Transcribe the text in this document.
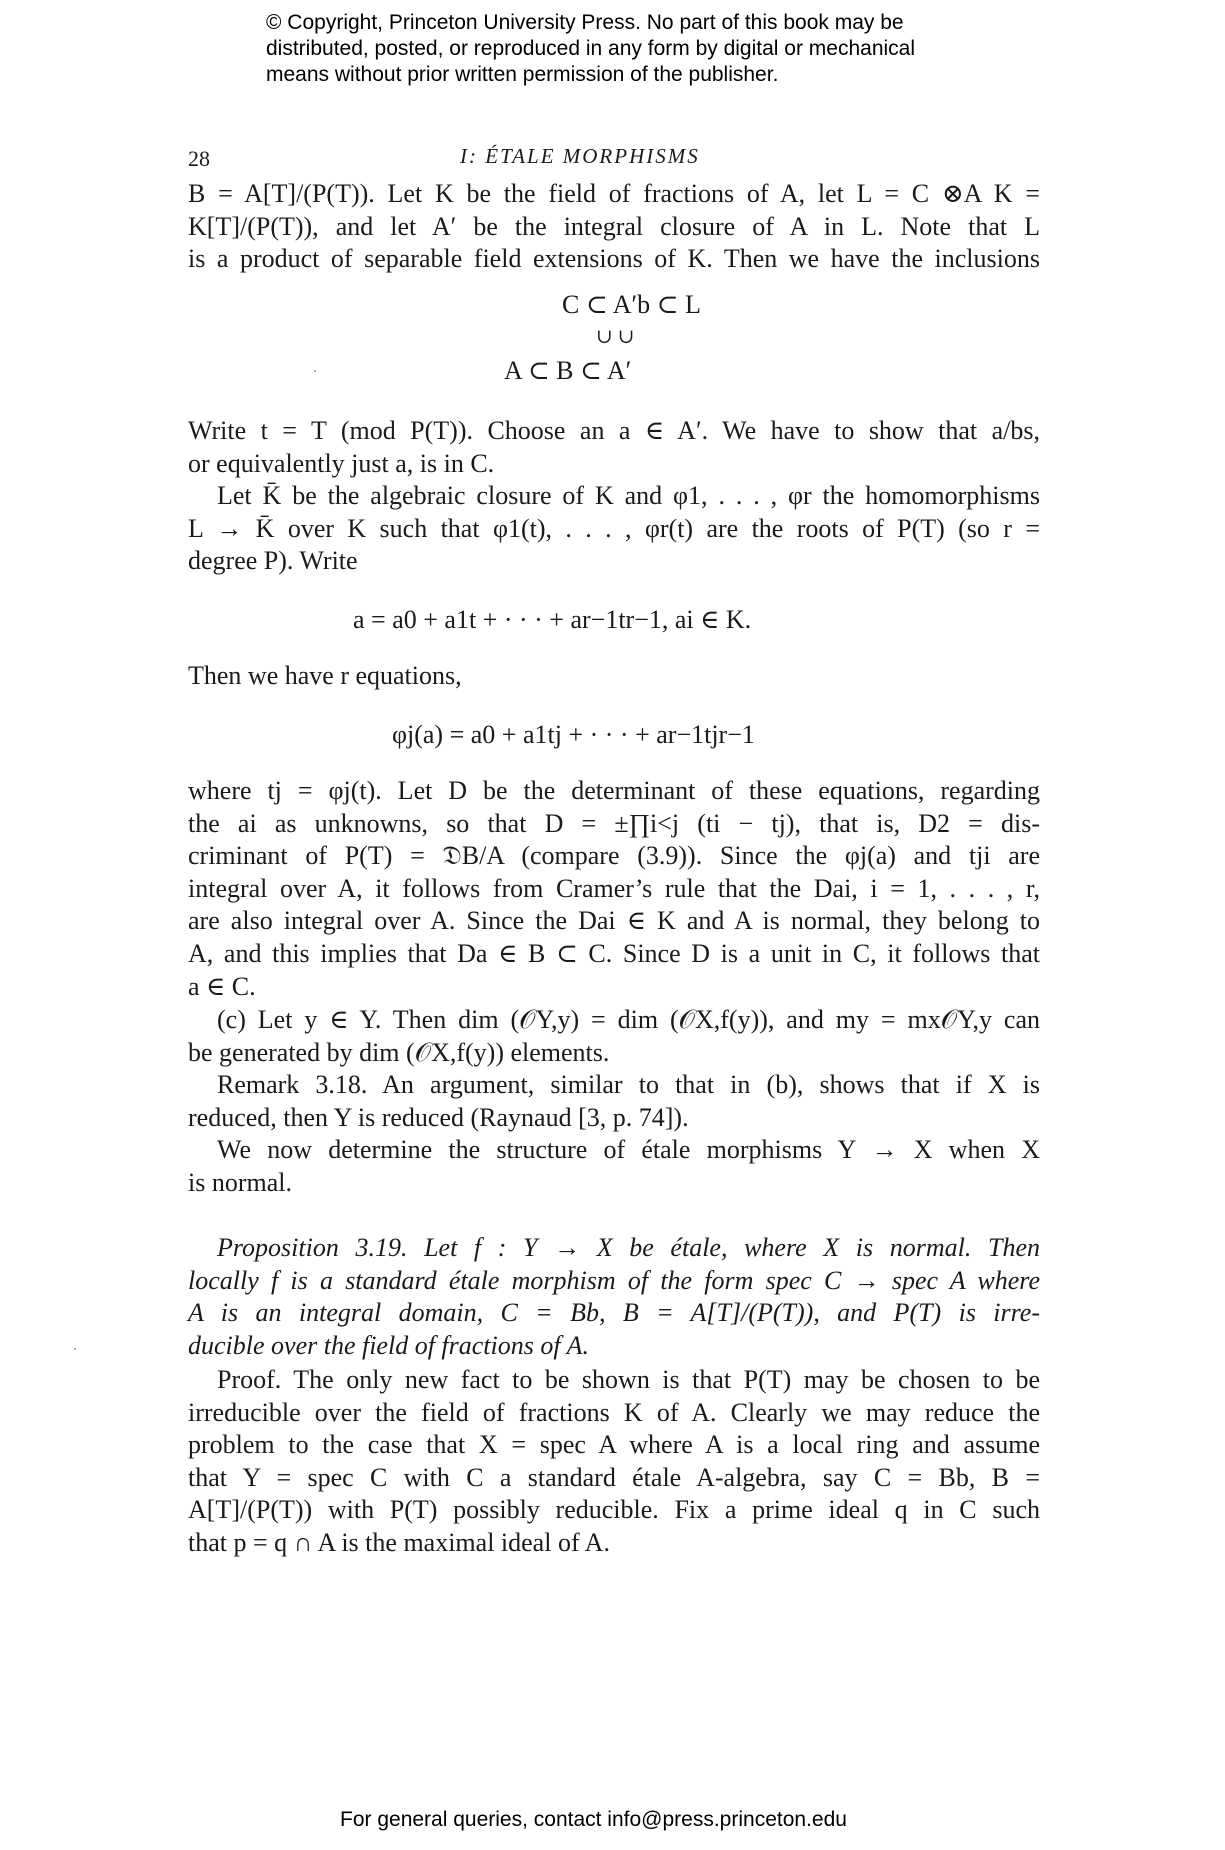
© Copyright, Princeton University Press. No part of this book may be
distributed, posted, or reproduced in any form by digital or mechanical
means without prior written permission of the publisher.
28	I: ÉTALE MORPHISMS
B = A[T]/(P(T)). Let K be the field of fractions of A, let L = C ⊗A K =
K[T]/(P(T)), and let A′ be the integral closure of A in L. Note that L
is a product of separable field extensions of K. Then we have the inclusions
C ⊂ A′b ⊂ L
∪ ∪
A ⊂ B ⊂ A′
Write t = T (mod P(T)). Choose an a ∈ A′. We have to show that a/bs,
or equivalently just a, is in C.
Let K̄ be the algebraic closure of K and φ1, . . . , φr the homomorphisms
L → K̄ over K such that φ1(t), . . . , φr(t) are the roots of P(T) (so r =
degree P). Write
a = a0 + a1t + · · · + ar−1tr−1, ai ∈ K.
Then we have r equations,
φj(a) = a0 + a1tj + · · · + ar−1tjr−1
where tj = φj(t). Let D be the determinant of these equations, regarding
the ai as unknowns, so that D = ±∏i<j (ti − tj), that is, D2 = dis-
criminant of P(T) = 𝔇B/A (compare (3.9)). Since the φj(a) and tji are
integral over A, it follows from Cramer’s rule that the Dai, i = 1, . . . , r,
are also integral over A. Since the Dai ∈ K and A is normal, they belong to
A, and this implies that Da ∈ B ⊂ C. Since D is a unit in C, it follows that
a ∈ C.
(c) Let y ∈ Y. Then dim (𝒪Y,y) = dim (𝒪X,f(y)), and my = mx𝒪Y,y can
be generated by dim (𝒪X,f(y)) elements.
Remark 3.18. An argument, similar to that in (b), shows that if X is
reduced, then Y is reduced (Raynaud [3, p. 74]).
We now determine the structure of étale morphisms Y → X when X
is normal.
Proposition 3.19. Let f : Y → X be étale, where X is normal. Then
locally f is a standard étale morphism of the form spec C → spec A where
A is an integral domain, C = Bb, B = A[T]/(P(T)), and P(T) is irre-
ducible over the field of fractions of A.
Proof. The only new fact to be shown is that P(T) may be chosen to be
irreducible over the field of fractions K of A. Clearly we may reduce the
problem to the case that X = spec A where A is a local ring and assume
that Y = spec C with C a standard étale A-algebra, say C = Bb, B =
A[T]/(P(T)) with P(T) possibly reducible. Fix a prime ideal q in C such
that p = q ∩ A is the maximal ideal of A.
For general queries, contact info@press.princeton.edu
